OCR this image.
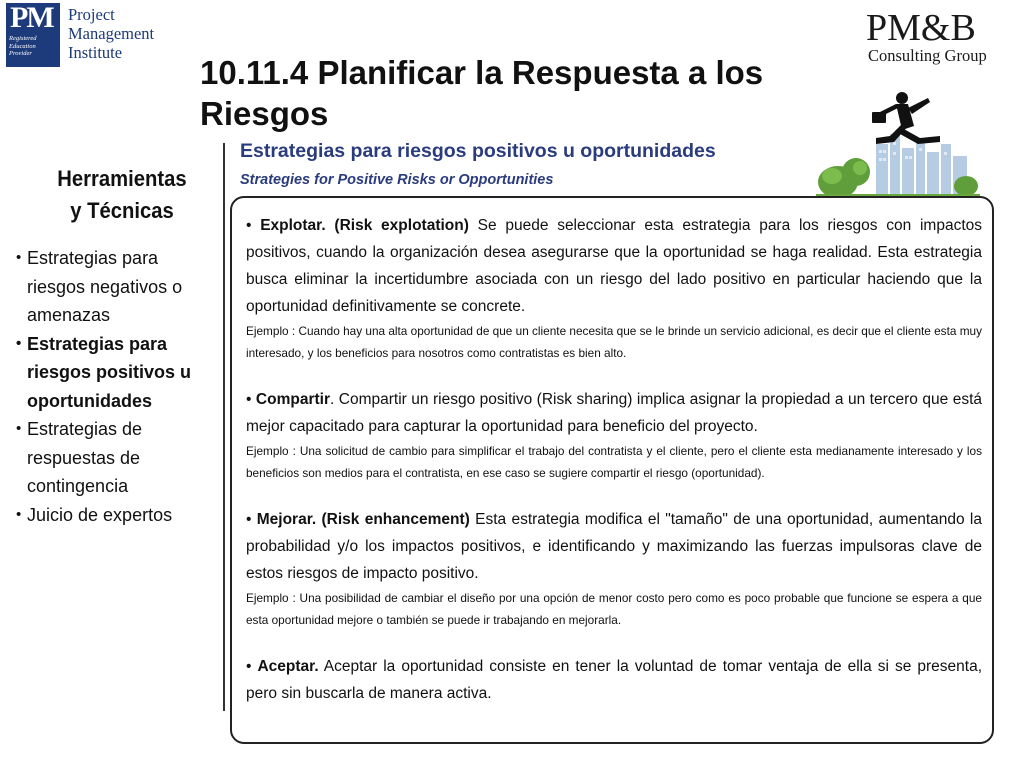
PM
Registered
Education
Provider
Project
Management
Institute
PM&B
Consulting Group
10.11.4 Planificar la Respuesta a los Riesgos
Herramientas
y Técnicas
• Estrategias para riesgos negativos o amenazas
• Estrategias para riesgos positivos u oportunidades
• Estrategias de respuestas de contingencia
• Juicio de expertos
Estrategias para riesgos positivos u oportunidades
Strategies for Positive Risks or Opportunities

• Explotar. (Risk explotation) Se puede seleccionar esta estrategia para los riesgos con impactos positivos, cuando la organización desea asegurarse que la oportunidad se haga realidad. Esta estrategia busca eliminar la incertidumbre asociada con un riesgo del lado positivo en particular haciendo que la oportunidad definitivamente se concrete.

Ejemplo : Cuando hay una alta oportunidad de que un cliente necesita que se le brinde un servicio adicional, es decir que el cliente esta muy interesado, y los beneficios para nosotros como contratistas es bien alto.

• Compartir. Compartir un riesgo positivo (Risk sharing) implica asignar la propiedad a un tercero que está mejor capacitado para capturar la oportunidad para beneficio del proyecto.

Ejemplo : Una solicitud de cambio para simplificar el trabajo del contratista y el cliente, pero el cliente esta medianamente interesado y los beneficios son medios para el contratista, en ese caso se sugiere compartir el riesgo (oportunidad).

• Mejorar. (Risk enhancement) Esta estrategia modifica el "tamaño" de una oportunidad, aumentando la probabilidad y/o los impactos positivos, e identificando y maximizando las fuerzas impulsoras clave de estos riesgos de impacto positivo.

Ejemplo : Una posibilidad de cambiar el diseño por una opción de menor costo pero como es poco probable que funcione se espera a que esta oportunidad mejore o también se puede ir trabajando en mejorarla.

• Aceptar. Aceptar la oportunidad consiste en tener la voluntad de tomar ventaja de ella si se presenta, pero sin buscarla de manera activa.
